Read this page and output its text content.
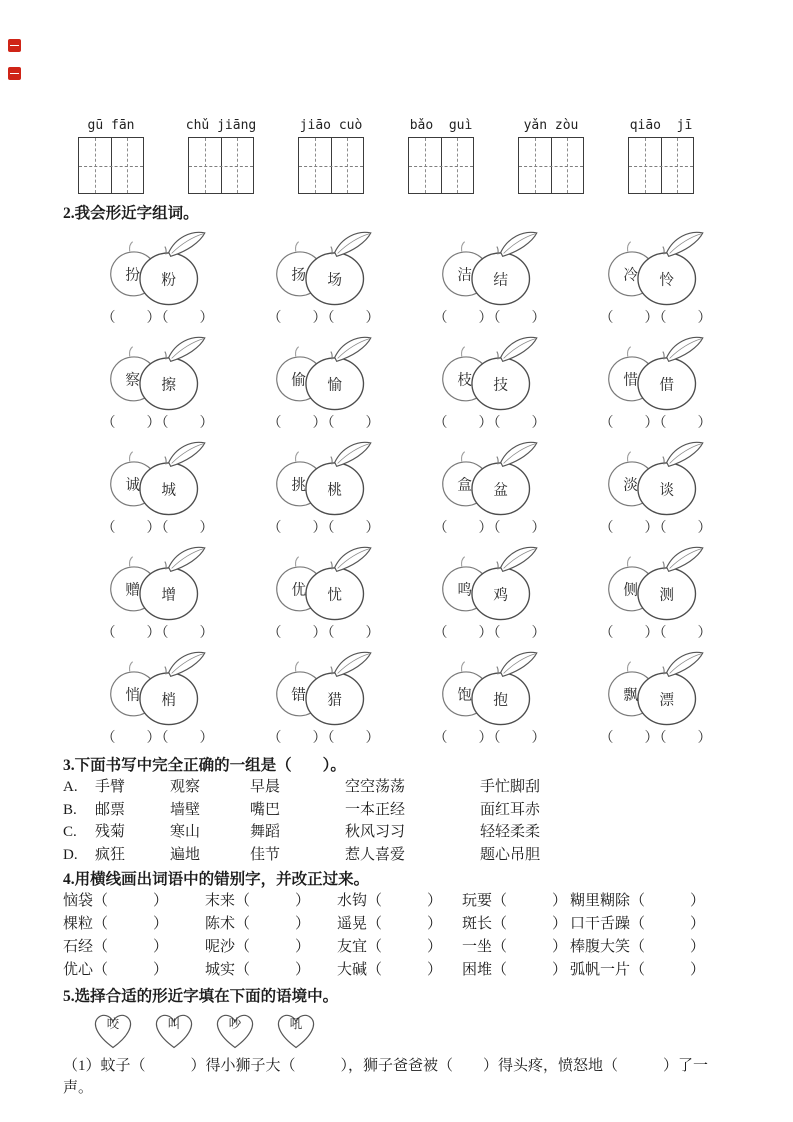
gū fān	chǔ jiāng	jiāo cuò	bǎo  guì	yǎn zòu	qiāo  jī
2.我会形近字组词。
扮 粉
（　　）（　　）
扬 场
（　　）（　　）
洁 结
（　　）（　　）
冷 怜
（　　）（　　）
察 擦
（　　）（　　）
偷 愉
（　　）（　　）
枝 技
（　　）（　　）
惜 借
（　　）（　　）
诚 城
（　　）（　　）
挑 桃
（　　）（　　）
盒 盆
（　　）（　　）
淡 谈
（　　）（　　）
赠 增
（　　）（　　）
优 忧
（　　）（　　）
鸣 鸡
（　　）（　　）
侧 测
（　　）（　　）
悄 梢
（　　）（　　）
错 猎
（　　）（　　）
饱 抱
（　　）（　　）
飘 漂
（　　）（　　）
3.下面书写中完全正确的一组是（　　）。
A.	手臂	观察	早晨	空空荡荡	手忙脚刮
B.	邮票	墙壁	嘴巴	一本正经	面红耳赤
C.	残菊	寒山	舞蹈	秋风习习	轻轻柔柔
D.	疯狂	遍地	佳节	惹人喜爱	题心吊胆
4.用横线画出词语中的错别字，并改正过来。
恼袋（　　　）	末来（　　　）	水钩（　　　）	玩要（　　　） 糊里糊除（　　　）
棵粒（　　　）	陈术（　　　）	遥晃（　　　）	斑长（　　　） 口干舌躁（　　　）
石经（　　　）	呢沙（　　　）	友宜（　　　）	一坐（　　　） 棒腹大笑（　　　）
优心（　　　）	城实（　　　）	大碱（　　　）	困堆（　　　） 弧帆一片（　　　）
5.选择合适的形近字填在下面的语境中。
咬	叫	吵	吼
（1）蚊子（　　　）得小狮子大（　　　），狮子爸爸被（　　）得头疼，愤怒地（　　　）了一声。
